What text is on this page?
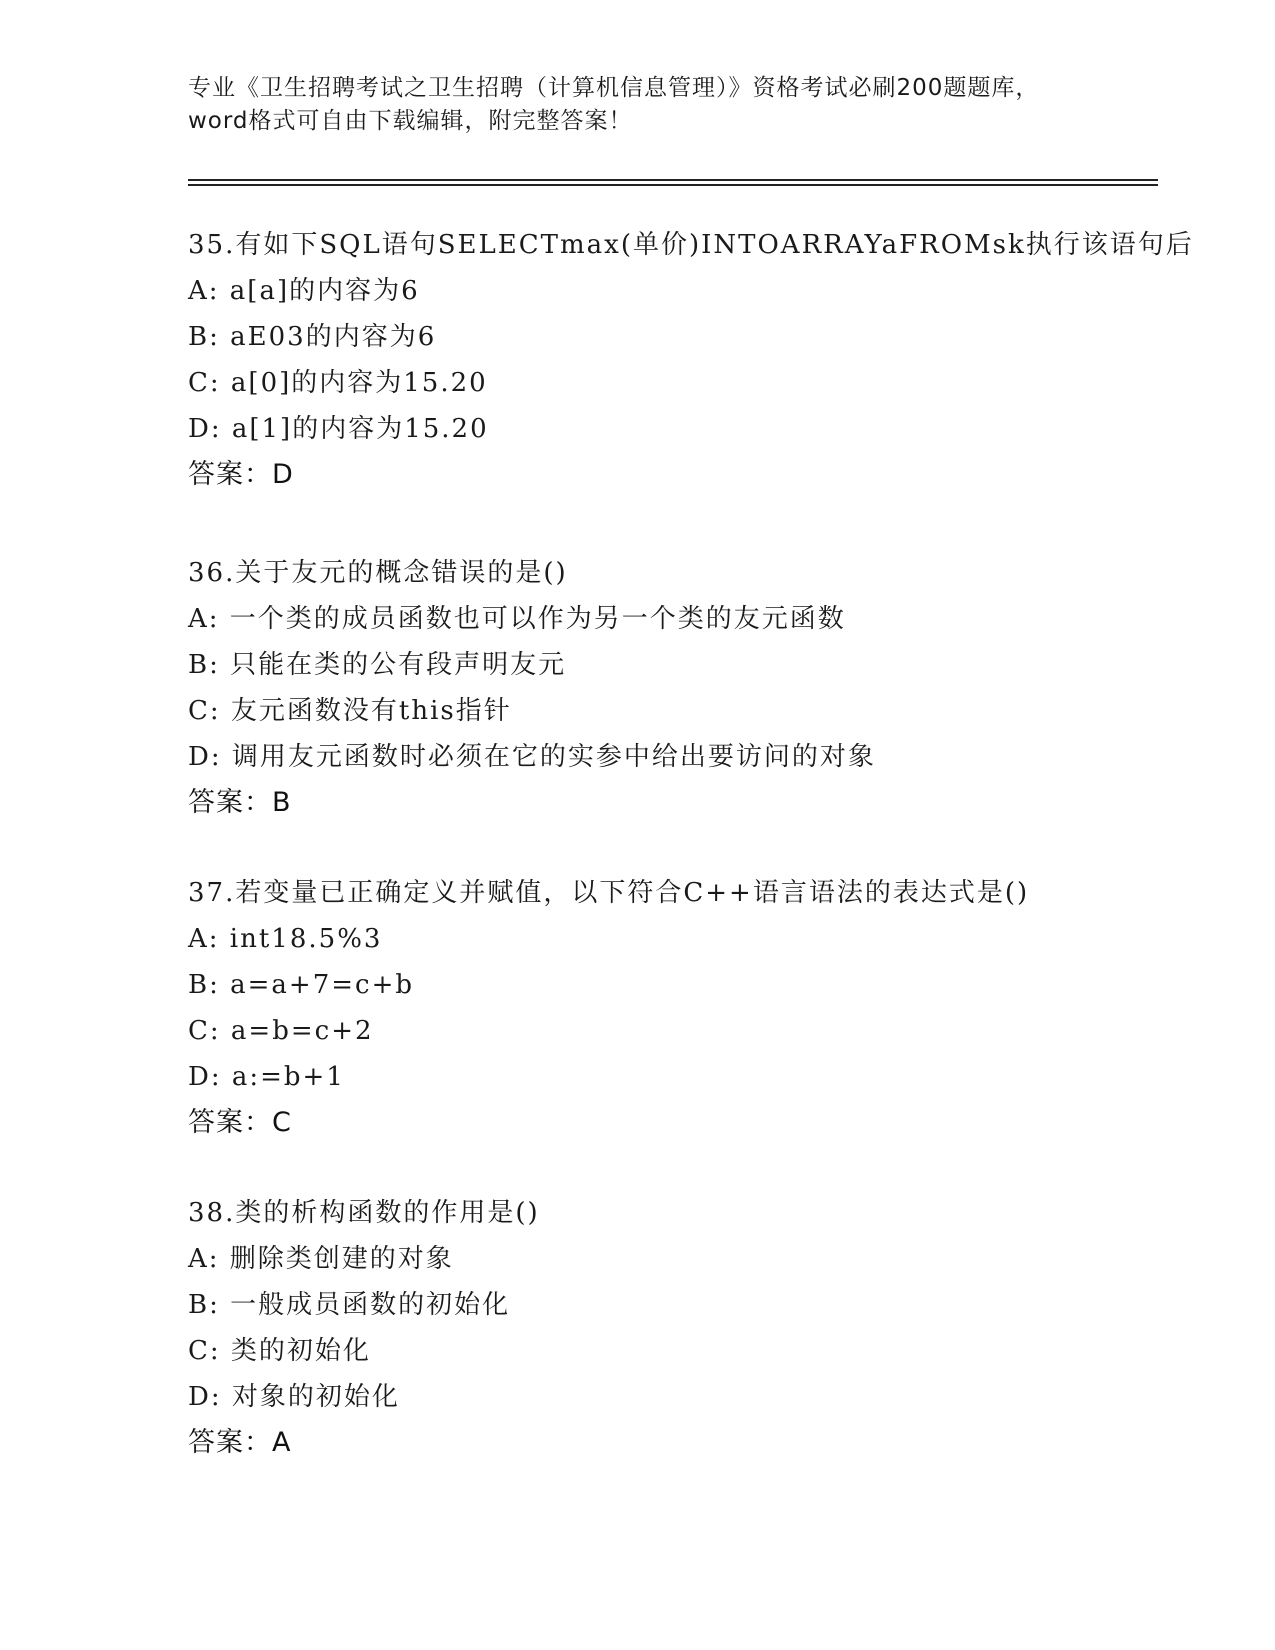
专业《卫生招聘考试之卫生招聘（计算机信息管理）》资格考试必刷200题题库，
word格式可自由下载编辑，附完整答案！
35.有如下SQL语句SELECTmax(单价)INTOARRAYaFROMsk执行该语句后
A: a[a]的内容为6
B: aE03的内容为6
C: a[0]的内容为15.20
D: a[1]的内容为15.20
答案：D
36.关于友元的概念错误的是()
A: 一个类的成员函数也可以作为另一个类的友元函数
B: 只能在类的公有段声明友元
C: 友元函数没有this指针
D: 调用友元函数时必须在它的实参中给出要访问的对象
答案：B
37.若变量已正确定义并赋值，以下符合C++语言语法的表达式是()
A: int18.5%3
B: a=a+7=c+b
C: a=b=c+2
D: a:=b+1
答案：C
38.类的析构函数的作用是()
A: 删除类创建的对象
B: 一般成员函数的初始化
C: 类的初始化
D: 对象的初始化
答案：A
